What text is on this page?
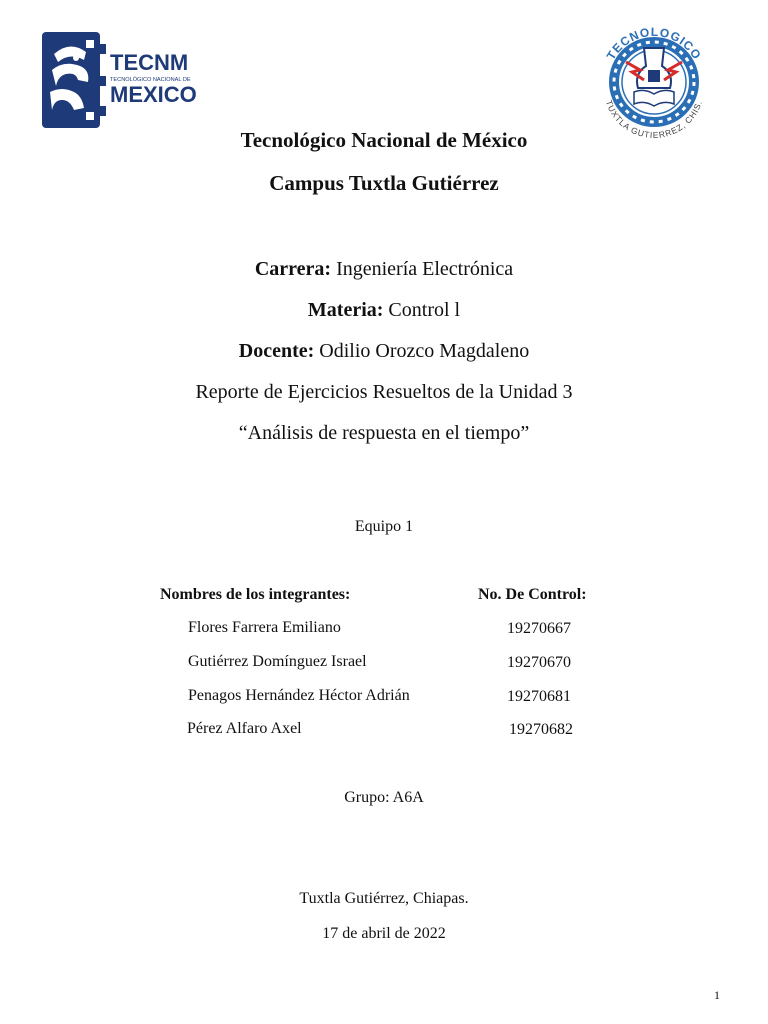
TECNM
TECNOLÓGICO NACIONAL DE
MEXICO
TECNOLOGICO
TUXTLA GUTIERREZ, CHIS.
Tecnológico Nacional de México
Campus Tuxtla Gutiérrez
Carrera: Ingeniería Electrónica
Materia: Control l
Docente: Odilio Orozco Magdaleno
Reporte de Ejercicios Resueltos de la Unidad 3
“Análisis de respuesta en el tiempo”
Equipo 1
Nombres de los integrantes:	No. De Control:
Flores Farrera Emiliano	19270667
Gutiérrez Domínguez Israel	19270670
Penagos Hernández Héctor Adrián	19270681
Pérez Alfaro Axel	19270682
Grupo: A6A
Tuxtla Gutiérrez, Chiapas.
17 de abril de 2022
1
